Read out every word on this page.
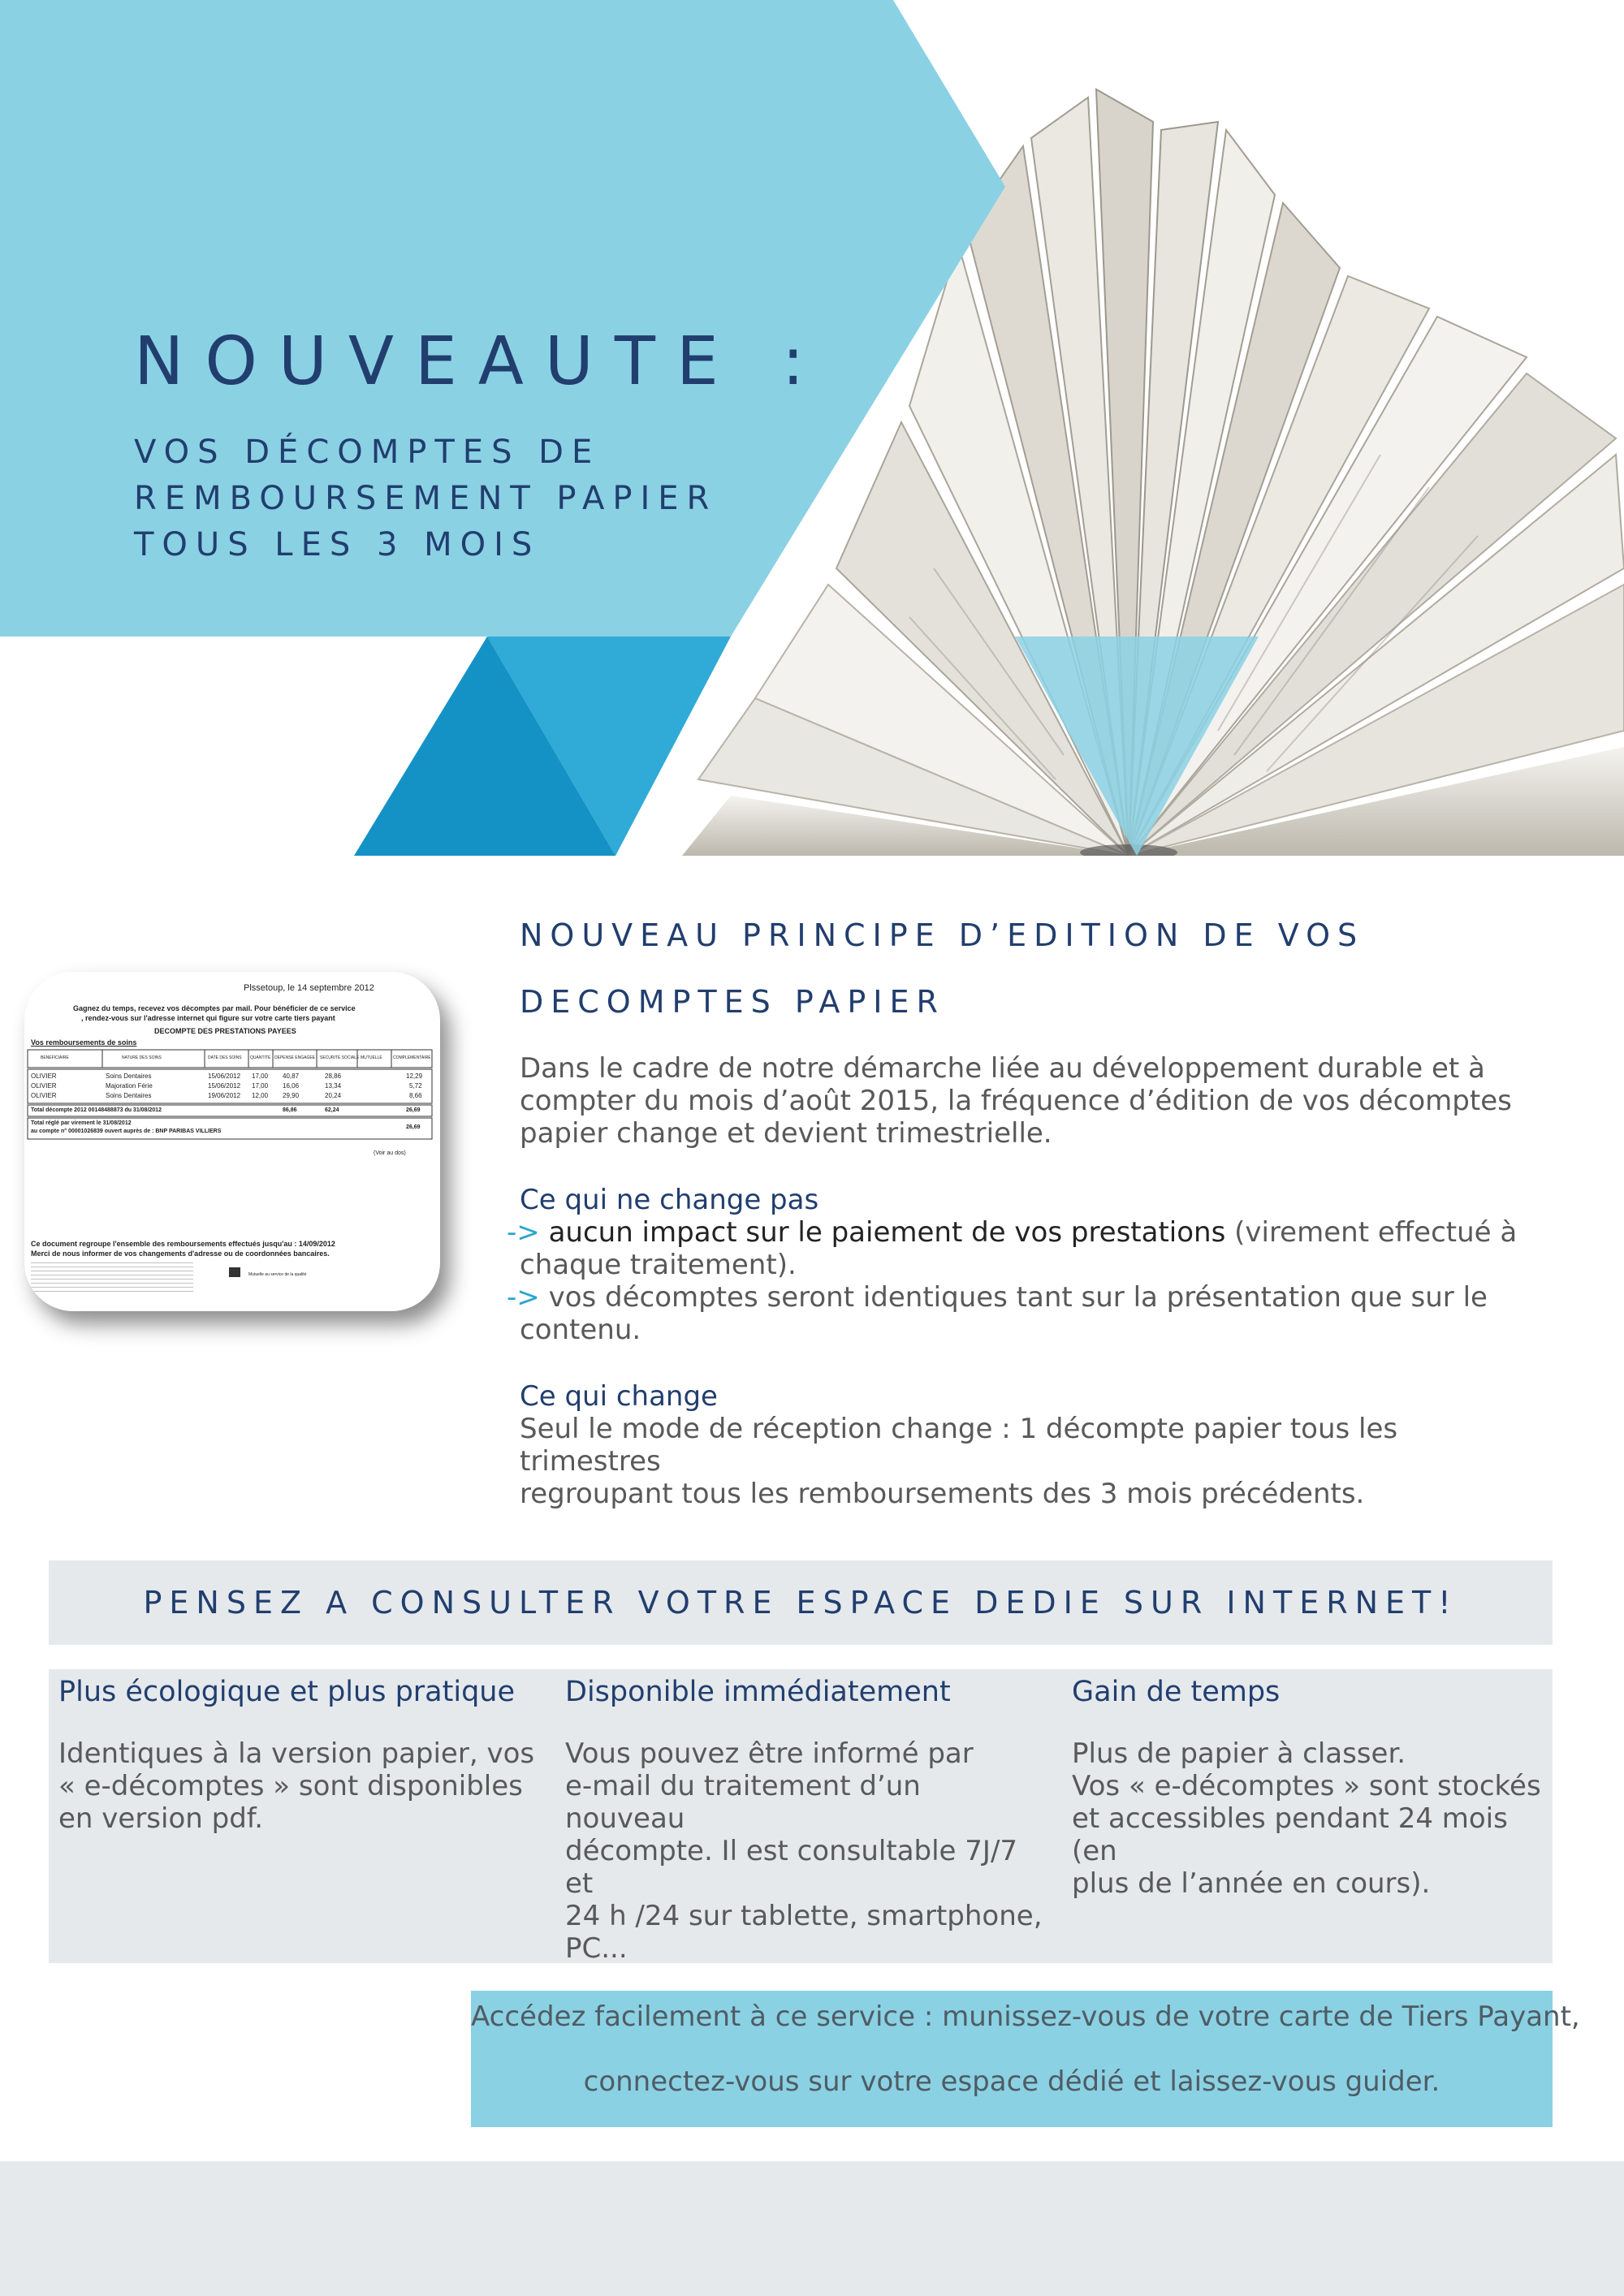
NOUVEAUTE :
VOS DÉCOMPTES DE
REMBOURSEMENT PAPIER
TOUS LES 3 MOIS
Plssetoup, le 14 septembre 2012
Gagnez du temps, recevez vos décomptes par mail. Pour bénéficier de ce service
, rendez-vous sur l'adresse internet qui figure sur votre carte tiers payant
DECOMPTE DES PRESTATIONS PAYEES
Vos remboursements de soins
BENEFICIAIRE	NATURE DES SOINS	DATE DES SOINS QUANTITE DEPENSE ENGAGEE SECURITE SOCIALE MUTUELLE	COMPLEMENTAIRE
OLIVIER	Soins Dentaires	15/06/2012 17,00 40,87	28,86	12,29
OLIVIER	Majoration Férie	15/06/2012 17,00 16,06	13,34	5,72
OLIVIER	Soins Dentaires	19/06/2012 12,00 29,90	20,24	8,66
Total décompte 2012 00148488873 du 31/08/2012	86,86	62,24	26,69
Total réglé par virement le 31/08/2012
au compte n° 00001026839 ouvert auprès de : BNP PARIBAS VILLIERS
26,69
(Voir au dos)
Ce document regroupe l'ensemble des remboursements effectués jusqu'au : 14/09/2012
Merci de nous informer de vos changements d'adresse ou de coordonnées bancaires.
Mutuelle au service de la qualité
NOUVEAU PRINCIPE D’EDITION DE VOS
DECOMPTES PAPIER

Dans le cadre de notre démarche liée au développement durable et à
compter du mois d’août 2015, la fréquence d’édition de vos décomptes
papier change et devient trimestrielle.

Ce qui ne change pas

-> aucun impact sur le paiement de vos prestations (virement effectué à
chaque traitement).

-> vos décomptes seront identiques tant sur la présentation que sur le
contenu.

Ce qui change

Seul le mode de réception change : 1 décompte papier tous les trimestres
regroupant tous les remboursements des 3 mois précédents.

PENSEZ A CONSULTER VOTRE ESPACE DEDIE SUR INTERNET!
Plus écologique et plus pratique

Identiques à la version papier, vos
« e-décomptes » sont disponibles
en version pdf.

Disponible immédiatement

Vous pouvez être informé par
e-mail du traitement d’un nouveau
décompte. Il est consultable 7J/7 et
24 h /24 sur tablette, smartphone,
PC...

Gain de temps

Plus de papier à classer.
Vos « e-décomptes » sont stockés
et accessibles pendant 24 mois (en
plus de l’année en cours).

Accédez facilement à ce service : munissez-vous de votre carte de Tiers Payant,
connectez-vous sur votre espace dédié et laissez-vous guider.
